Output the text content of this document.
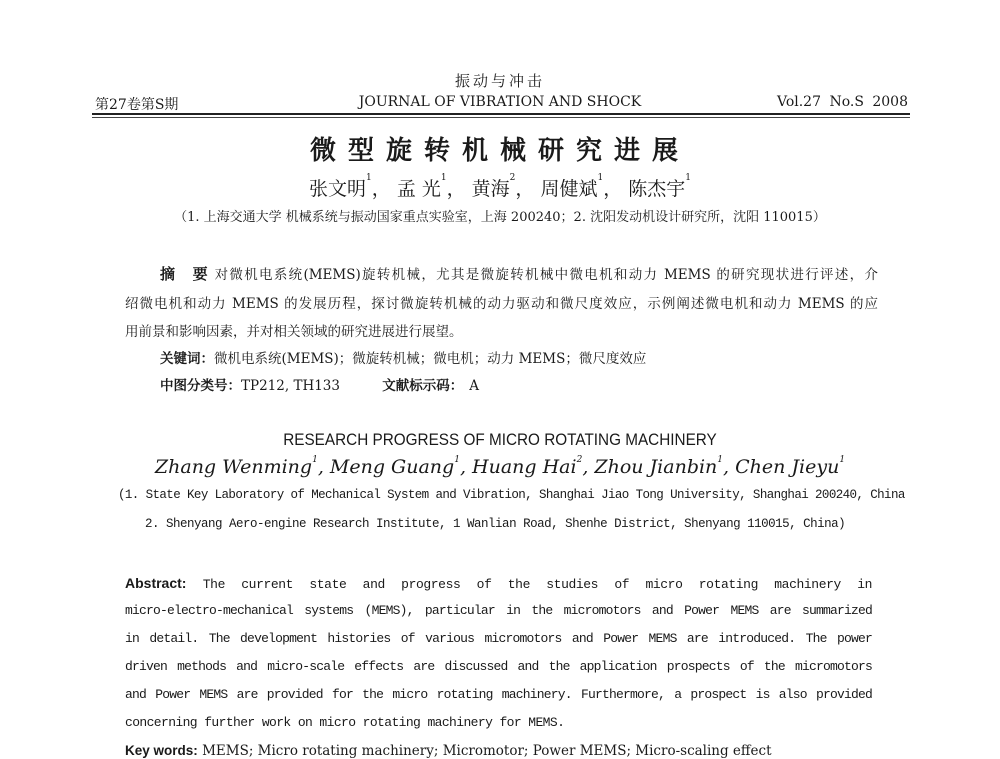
振动与冲击
第27卷第S期	JOURNAL OF VIBRATION AND SHOCK	Vol.27 No.S 2008
微型旋转机械研究进展
张文明$^1$， 孟 光$^1$， 黄海$^2$， 周健斌$^1$， 陈杰宇$^1$
（1. 上海交通大学 机械系统与振动国家重点实验室，上海 200240；2. 沈阳发动机设计研究所，沈阳 110015）
摘　要 对微机电系统(MEMS)旋转机械，尤其是微旋转机械中微电机和动力 MEMS 的研究现状进行评述，介
绍微电机和动力 MEMS 的发展历程，探讨微旋转机械的动力驱动和微尺度效应，示例阐述微电机和动力 MEMS 的应
用前景和影响因素，并对相关领域的研究进展进行展望。
关键词：微机电系统(MEMS)；微旋转机械；微电机；动力 MEMS；微尺度效应
中图分类号：TP212, TH133	文献标示码： A
RESEARCH PROGRESS OF MICRO ROTATING MACHINERY
Zhang Wenming$^1$, Meng Guang$^1$, Huang Hai$^2$, Zhou Jianbin$^1$, Chen Jieyu$^1$
(1. State Key Laboratory of Mechanical System and Vibration, Shanghai Jiao Tong University, Shanghai 200240, China
2. Shenyang Aero-engine Research Institute, 1 Wanlian Road, Shenhe District, Shenyang 110015, China)
Abstract: The current state and progress of the studies of micro rotating machinery in
micro-electro-mechanical systems (MEMS), particular in the micromotors and Power MEMS are summarized
in detail. The development histories of various micromotors and Power MEMS are introduced. The power
driven methods and micro-scale effects are discussed and the application prospects of the micromotors
and Power MEMS are provided for the micro rotating machinery. Furthermore, a prospect is also provided
concerning further work on micro rotating machinery for MEMS.
Key words: MEMS; Micro rotating machinery; Micromotor; Power MEMS; Micro-scaling effect
